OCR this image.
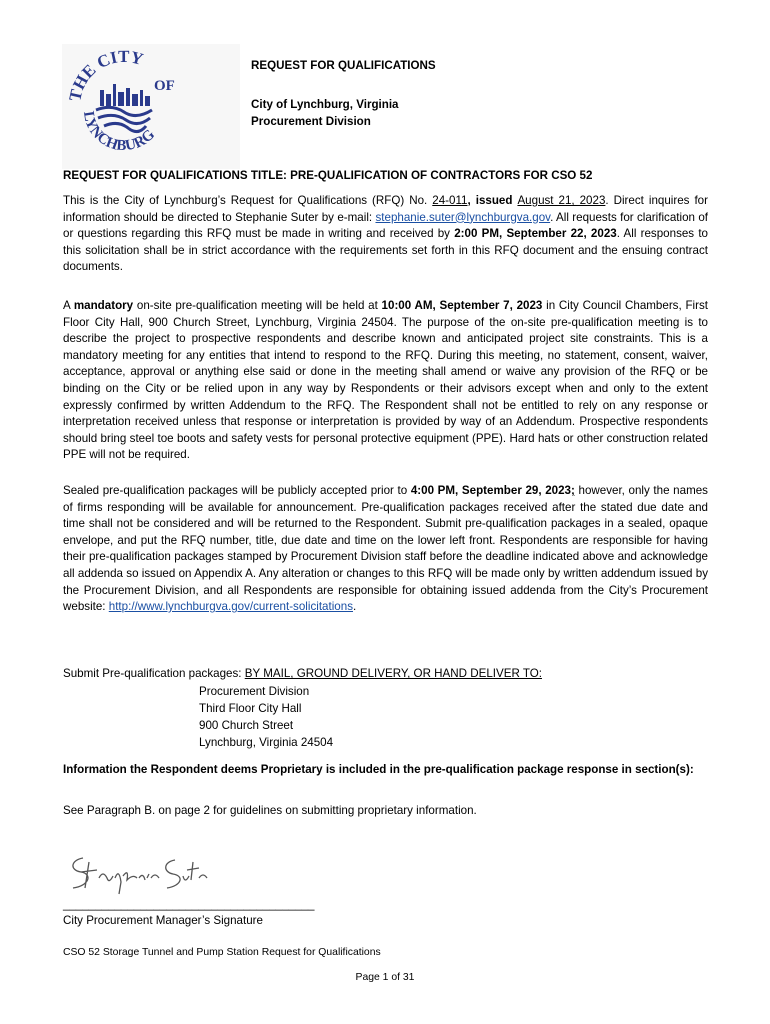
THE CITY
OF
LYNCHBURG
REQUEST FOR QUALIFICATIONS
City of Lynchburg, Virginia
Procurement Division
REQUEST FOR QUALIFICATIONS TITLE: PRE-QUALIFICATION OF CONTRACTORS FOR CSO 52
This is the City of Lynchburg’s Request for Qualifications (RFQ) No. 24-011, issued August 21, 2023. Direct inquires for information should be directed to Stephanie Suter by e-mail: stephanie.suter@lynchburgva.gov. All requests for clarification of or questions regarding this RFQ must be made in writing and received by 2:00 PM, September 22, 2023. All responses to this solicitation shall be in strict accordance with the requirements set forth in this RFQ document and the ensuing contract documents.
A mandatory on-site pre-qualification meeting will be held at 10:00 AM, September 7, 2023 in City Council Chambers, First Floor City Hall, 900 Church Street, Lynchburg, Virginia 24504. The purpose of the on-site pre-qualification meeting is to describe the project to prospective respondents and describe known and anticipated project site constraints. This is a mandatory meeting for any entities that intend to respond to the RFQ. During this meeting, no statement, consent, waiver, acceptance, approval or anything else said or done in the meeting shall amend or waive any provision of the RFQ or be binding on the City or be relied upon in any way by Respondents or their advisors except when and only to the extent expressly confirmed by written Addendum to the RFQ. The Respondent shall not be entitled to rely on any response or interpretation received unless that response or interpretation is provided by way of an Addendum. Prospective respondents should bring steel toe boots and safety vests for personal protective equipment (PPE). Hard hats or other construction related PPE will not be required.
Sealed pre-qualification packages will be publicly accepted prior to 4:00 PM, September 29, 2023; however, only the names of firms responding will be available for announcement. Pre-qualification packages received after the stated due date and time shall not be considered and will be returned to the Respondent. Submit pre-qualification packages in a sealed, opaque envelope, and put the RFQ number, title, due date and time on the lower left front. Respondents are responsible for having their pre-qualification packages stamped by Procurement Division staff before the deadline indicated above and acknowledge all addenda so issued on Appendix A. Any alteration or changes to this RFQ will be made only by written addendum issued by the Procurement Division, and all Respondents are responsible for obtaining issued addenda from the City’s Procurement website: http://www.lynchburgva.gov/current-solicitations.
Submit Pre-qualification packages: BY MAIL, GROUND DELIVERY, OR HAND DELIVER TO:
Procurement Division
Third Floor City Hall
900 Church Street
Lynchburg, Virginia 24504
Information the Respondent deems Proprietary is included in the pre-qualification package response in section(s):
See Paragraph B. on page 2 for guidelines on submitting proprietary information.
_______________________________________
City Procurement Manager’s Signature
CSO 52 Storage Tunnel and Pump Station Request for Qualifications
Page 1 of 31
